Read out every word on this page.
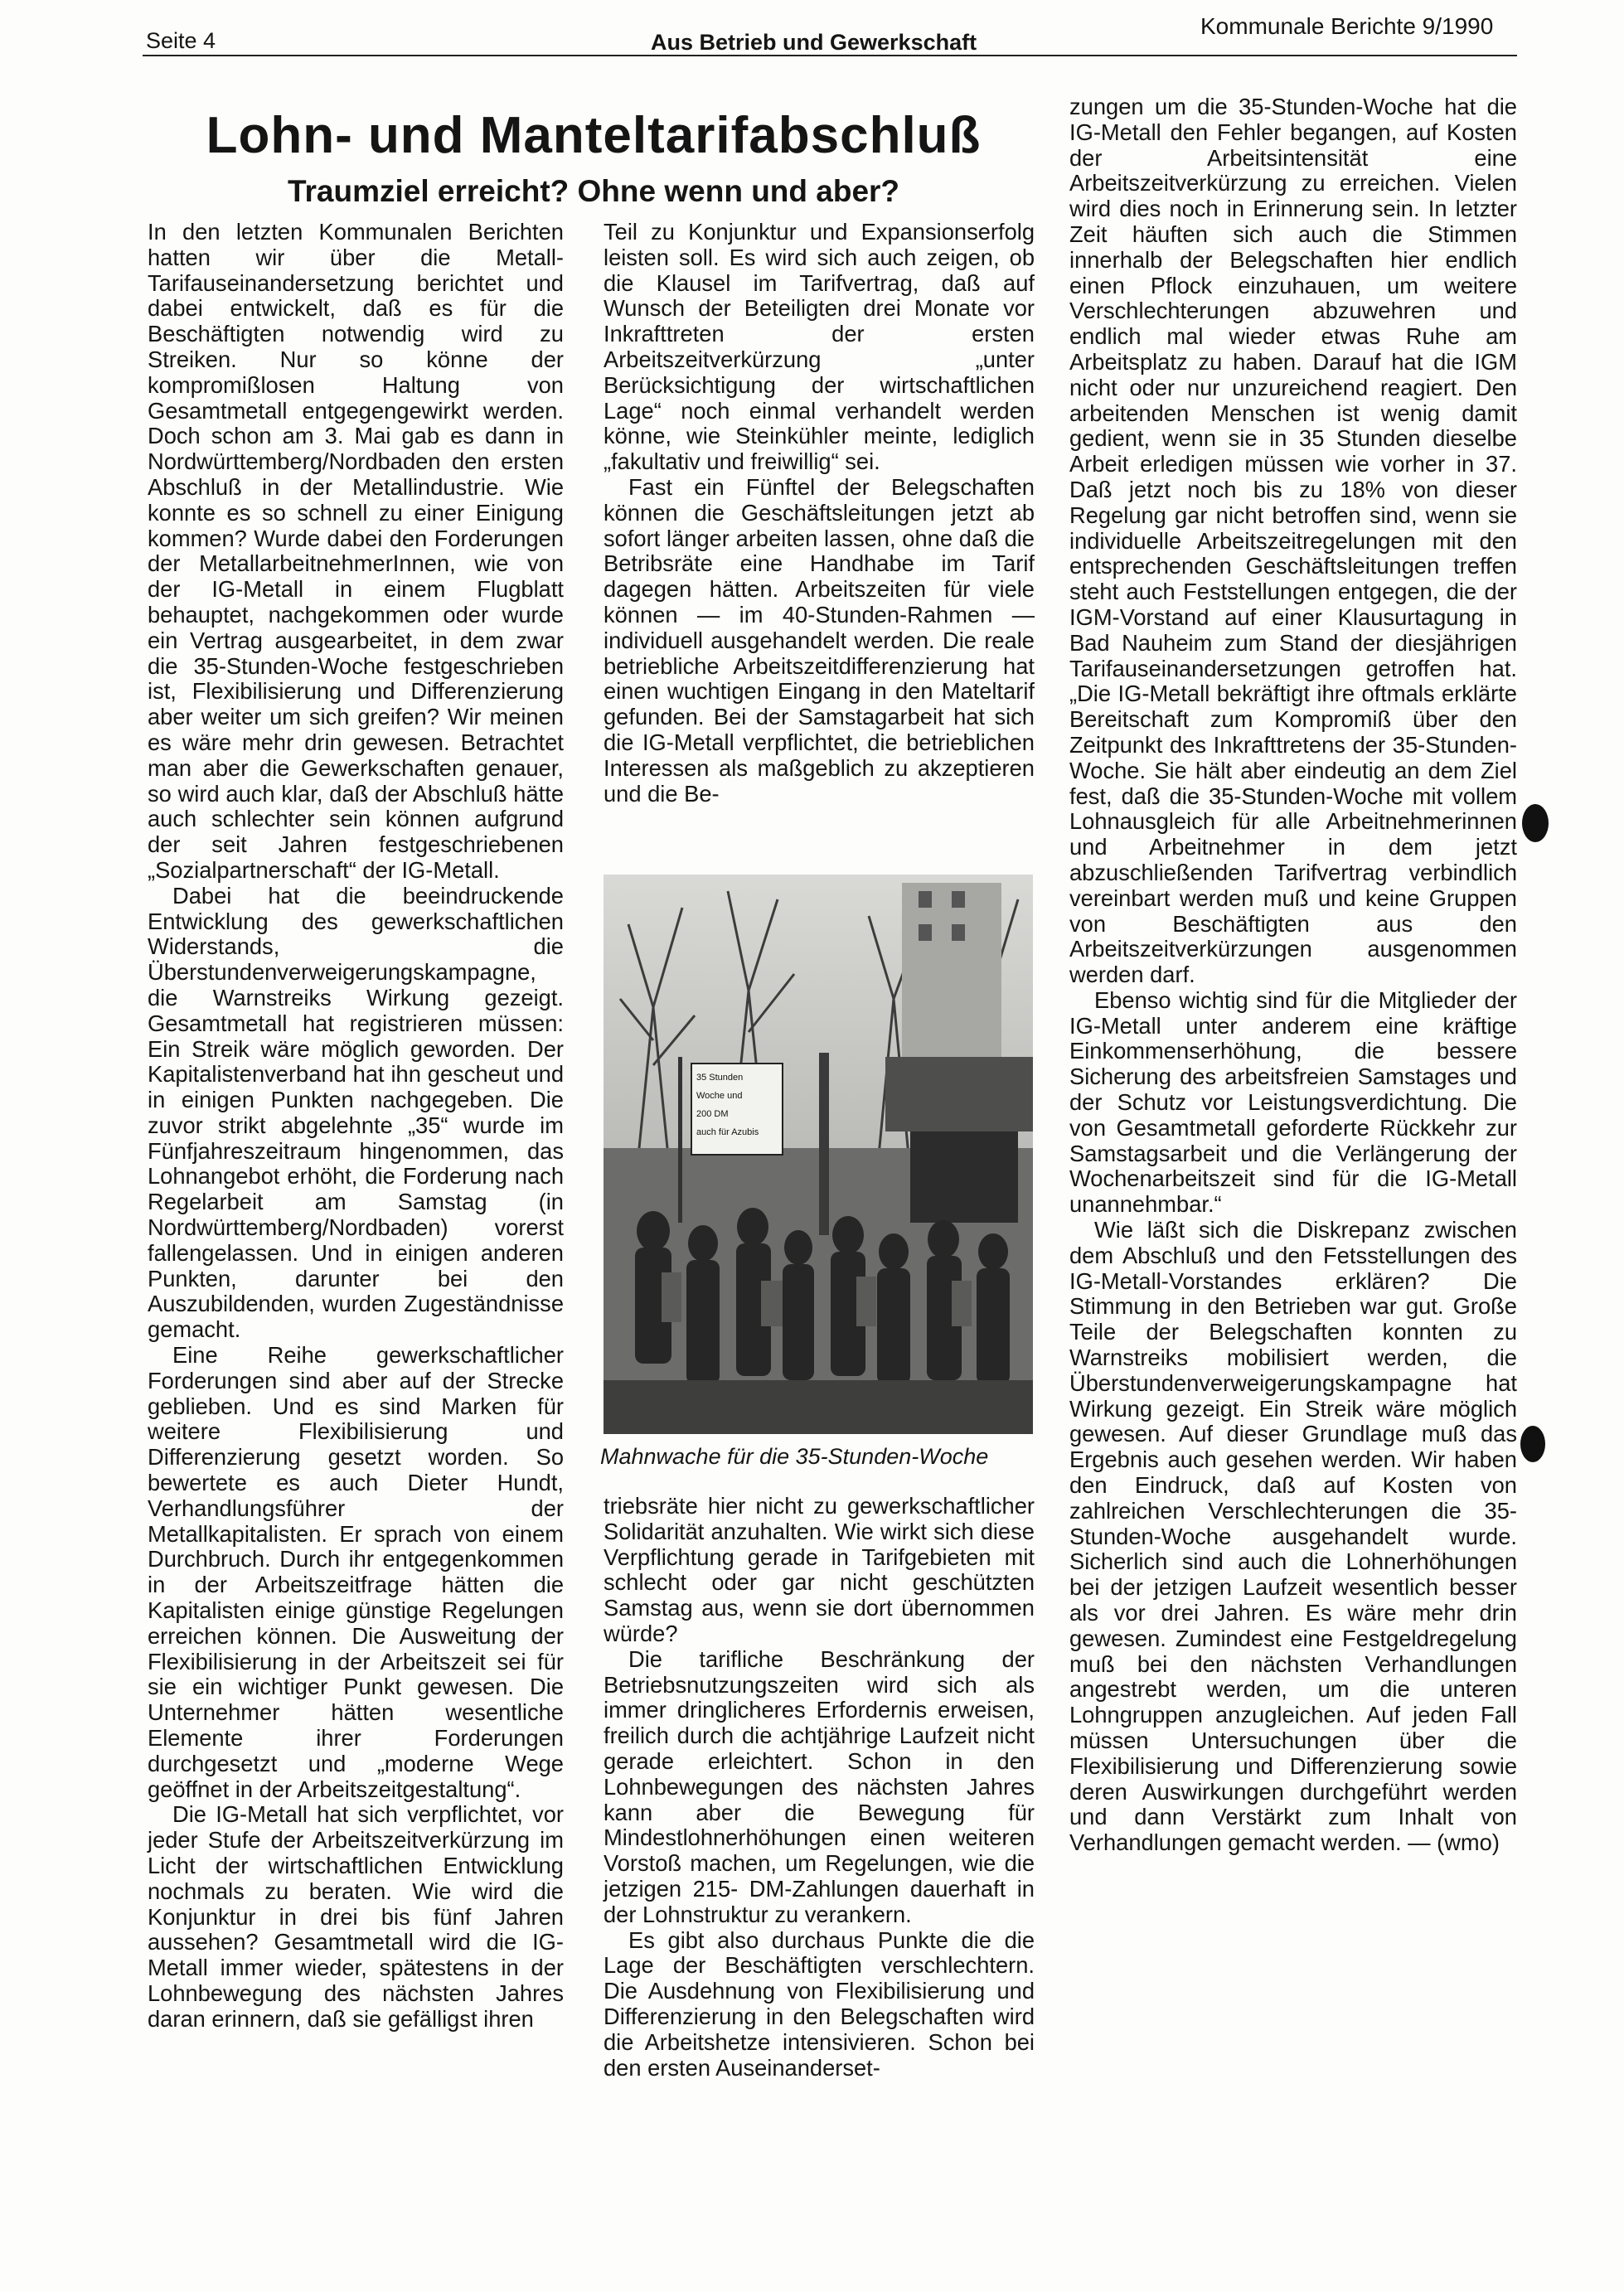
Seite 4	Aus Betrieb und Gewerkschaft
Kommunale Berichte 9/1990
Lohn- und Manteltarifabschluß
Traumziel erreicht? Ohne wenn und aber?

In den letzten Kommunalen Berichten hatten wir über die Metall-Tarifauseinandersetzung berichtet und dabei entwickelt, daß es für die Beschäftigten notwendig wird zu Streiken. Nur so könne der kompromißlosen Haltung von Gesamtmetall entgegengewirkt werden. Doch schon am 3. Mai gab es dann in Nordwürttemberg/Nordbaden den ersten Abschluß in der Metallindustrie. Wie konnte es so schnell zu einer Einigung kommen? Wurde dabei den Forderungen der MetallarbeitnehmerInnen, wie von der IG-Metall in einem Flugblatt behauptet, nachgekommen oder wurde ein Vertrag ausgearbeitet, in dem zwar die 35-Stunden-Woche festgeschrieben ist, Flexibilisierung und Differenzierung aber weiter um sich greifen? Wir meinen es wäre mehr drin gewesen. Betrachtet man aber die Gewerkschaften genauer, so wird auch klar, daß der Abschluß hätte auch schlechter sein können aufgrund der seit Jahren festgeschriebenen „Sozialpartnerschaft“ der IG-Metall.

Dabei hat die beeindruckende Entwicklung des gewerkschaftlichen Widerstands, die Überstundenverweigerungskampagne, die Warnstreiks Wirkung gezeigt. Gesamtmetall hat registrieren müssen: Ein Streik wäre möglich geworden. Der Kapitalistenverband hat ihn gescheut und in einigen Punkten nachgegeben. Die zuvor strikt abgelehnte „35“ wurde im Fünfjahreszeitraum hingenommen, das Lohnangebot erhöht, die Forderung nach Regelarbeit am Samstag (in Nordwürttemberg/Nordbaden) vorerst fallengelassen. Und in einigen anderen Punkten, darunter bei den Auszubildenden, wurden Zugeständnisse gemacht.

Eine Reihe gewerkschaftlicher Forderungen sind aber auf der Strecke geblieben. Und es sind Marken für weitere Flexibilisierung und Differenzierung gesetzt worden. So bewertete es auch Dieter Hundt, Verhandlungsführer der Metallkapitalisten. Er sprach von einem Durchbruch. Durch ihr entgegenkommen in der Arbeitszeitfrage hätten die Kapitalisten einige günstige Regelungen erreichen können. Die Ausweitung der Flexibilisierung in der Arbeitszeit sei für sie ein wichtiger Punkt gewesen. Die Unternehmer hätten wesentliche Elemente ihrer Forderungen durchgesetzt und „moderne Wege geöffnet in der Arbeitszeitgestaltung“.

Die IG-Metall hat sich verpflichtet, vor jeder Stufe der Arbeitszeitverkürzung im Licht der wirtschaftlichen Entwicklung nochmals zu beraten. Wie wird die Konjunktur in drei bis fünf Jahren aussehen? Gesamtmetall wird die IG-Metall immer wieder, spätestens in der Lohnbewegung des nächsten Jahres daran erinnern, daß sie gefälligst ihren

Teil zu Konjunktur und Expansionserfolg leisten soll. Es wird sich auch zeigen, ob die Klausel im Tarifvertrag, daß auf Wunsch der Beteiligten drei Monate vor Inkrafttreten der ersten Arbeitszeitverkürzung „unter Berücksichtigung der wirtschaftlichen Lage“ noch einmal verhandelt werden könne, wie Steinkühler meinte, lediglich „fakultativ und freiwillig“ sei.

Fast ein Fünftel der Belegschaften können die Geschäftsleitungen jetzt ab sofort länger arbeiten lassen, ohne daß die Betribsräte eine Handhabe im Tarif dagegen hätten. Arbeitszeiten für viele können — im 40-Stunden-Rahmen — individuell ausgehandelt werden. Die reale betriebliche Arbeitszeitdifferenzierung hat einen wuchtigen Eingang in den Mateltarif gefunden. Bei der Samstagarbeit hat sich die IG-Metall verpflichtet, die betrieblichen Interessen als maßgeblich zu akzeptieren und die Be-

35 Stunden
Woche und
200 DM
auch für Azubis
Mahnwache für die 35-Stunden-Woche

triebsräte hier nicht zu gewerkschaftlicher Solidarität anzuhalten. Wie wirkt sich diese Verpflichtung gerade in Tarifgebieten mit schlecht oder gar nicht geschützten Samstag aus, wenn sie dort übernommen würde?

Die tarifliche Beschränkung der Betriebsnutzungszeiten wird sich als immer dringlicheres Erfordernis erweisen, freilich durch die achtjährige Laufzeit nicht gerade erleichtert. Schon in den Lohnbewegungen des nächsten Jahres kann aber die Bewegung für Mindestlohnerhöhungen einen weiteren Vorstoß machen, um Regelungen, wie die jetzigen 215- DM-Zahlungen dauerhaft in der Lohnstruktur zu verankern.

Es gibt also durchaus Punkte die die Lage der Beschäftigten verschlechtern. Die Ausdehnung von Flexibilisierung und Differenzierung in den Belegschaften wird die Arbeitshetze intensivieren. Schon bei den ersten Auseinanderset-

zungen um die 35-Stunden-Woche hat die IG-Metall den Fehler begangen, auf Kosten der Arbeitsintensität eine Arbeitszeitverkürzung zu erreichen. Vielen wird dies noch in Erinnerung sein. In letzter Zeit häuften sich auch die Stimmen innerhalb der Belegschaften hier endlich einen Pflock einzuhauen, um weitere Verschlechterungen abzuwehren und endlich mal wieder etwas Ruhe am Arbeitsplatz zu haben. Darauf hat die IGM nicht oder nur unzureichend reagiert. Den arbeitenden Menschen ist wenig damit gedient, wenn sie in 35 Stunden dieselbe Arbeit erledigen müssen wie vorher in 37. Daß jetzt noch bis zu 18% von dieser Regelung gar nicht betroffen sind, wenn sie individuelle Arbeitszeitregelungen mit den entsprechenden Geschäftsleitungen treffen steht auch Feststellungen entgegen, die der IGM-Vorstand auf einer Klausurtagung in Bad Nauheim zum Stand der diesjährigen Tarifauseinandersetzungen getroffen hat. „Die IG-Metall bekräftigt ihre oftmals erklärte Bereitschaft zum Kompromiß über den Zeitpunkt des Inkrafttretens der 35-Stunden-Woche. Sie hält aber eindeutig an dem Ziel fest, daß die 35-Stunden-Woche mit vollem Lohnausgleich für alle Arbeitnehmerinnen und Arbeitnehmer in dem jetzt abzuschließenden Tarifvertrag verbindlich vereinbart werden muß und keine Gruppen von Beschäftigten aus den Arbeitszeitverkürzungen ausgenommen werden darf.

Ebenso wichtig sind für die Mitglieder der IG-Metall unter anderem eine kräftige Einkommenserhöhung, die bessere Sicherung des arbeitsfreien Samstages und der Schutz vor Leistungsverdichtung. Die von Gesamtmetall geforderte Rückkehr zur Samstagsarbeit und die Verlängerung der Wochenarbeitszeit sind für die IG-Metall unannehmbar.“

Wie läßt sich die Diskrepanz zwischen dem Abschluß und den Fetsstellungen des IG-Metall-Vorstandes erklären? Die Stimmung in den Betrieben war gut. Große Teile der Belegschaften konnten zu Warnstreiks mobilisiert werden, die Überstundenverweigerungskampagne hat Wirkung gezeigt. Ein Streik wäre möglich gewesen. Auf dieser Grundlage muß das Ergebnis auch gesehen werden. Wir haben den Eindruck, daß auf Kosten von zahlreichen Verschlechterungen die 35-Stunden-Woche ausgehandelt wurde. Sicherlich sind auch die Lohnerhöhungen bei der jetzigen Laufzeit wesentlich besser als vor drei Jahren. Es wäre mehr drin gewesen. Zumindest eine Festgeldregelung muß bei den nächsten Verhandlungen angestrebt werden, um die unteren Lohngruppen anzugleichen. Auf jeden Fall müssen Untersuchungen über die Flexibilisierung und Differenzierung sowie deren Auswirkungen durchgeführt werden und dann Verstärkt zum Inhalt von Verhandlungen gemacht werden. — (wmo)
